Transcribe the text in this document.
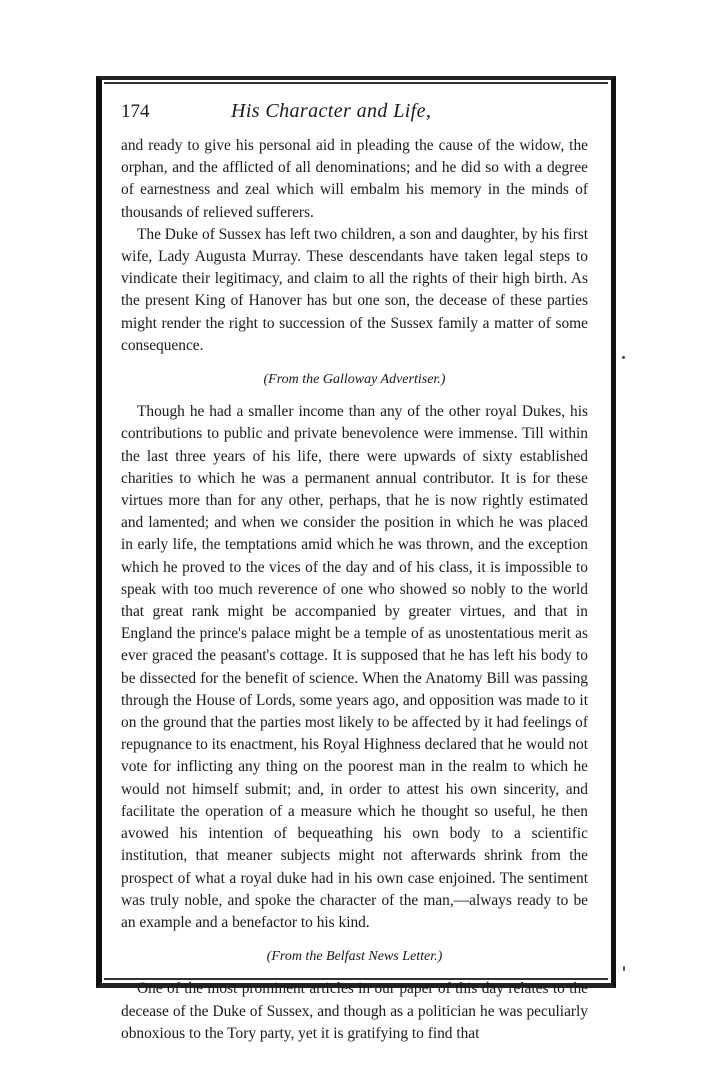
174	His Character and Life,

and ready to give his personal aid in pleading the cause of the widow, the orphan, and the afflicted of all denominations; and he did so with a degree of earnestness and zeal which will embalm his memory in the minds of thousands of relieved sufferers.

The Duke of Sussex has left two children, a son and daughter, by his first wife, Lady Augusta Murray. These descendants have taken legal steps to vindicate their legitimacy, and claim to all the rights of their high birth. As the present King of Hanover has but one son, the decease of these parties might render the right to succession of the Sussex family a matter of some consequence.

(From the Galloway Advertiser.)

Though he had a smaller income than any of the other royal Dukes, his contributions to public and private benevolence were immense. Till within the last three years of his life, there were upwards of sixty established charities to which he was a permanent annual contributor. It is for these virtues more than for any other, perhaps, that he is now rightly estimated and lamented; and when we consider the position in which he was placed in early life, the temptations amid which he was thrown, and the exception which he proved to the vices of the day and of his class, it is impossible to speak with too much reverence of one who showed so nobly to the world that great rank might be accompanied by greater virtues, and that in England the prince's palace might be a temple of as unostentatious merit as ever graced the peasant's cottage. It is supposed that he has left his body to be dissected for the benefit of science. When the Anatomy Bill was passing through the House of Lords, some years ago, and opposition was made to it on the ground that the parties most likely to be affected by it had feelings of repugnance to its enactment, his Royal Highness declared that he would not vote for inflicting any thing on the poorest man in the realm to which he would not himself submit; and, in order to attest his own sincerity, and facilitate the operation of a measure which he thought so useful, he then avowed his intention of bequeathing his own body to a scientific institution, that meaner subjects might not afterwards shrink from the prospect of what a royal duke had in his own case enjoined. The sentiment was truly noble, and spoke the character of the man,—always ready to be an example and a benefactor to his kind.

(From the Belfast News Letter.)

One of the most prominent articles in our paper of this day relates to the decease of the Duke of Sussex, and though as a politician he was peculiarly obnoxious to the Tory party, yet it is gratifying to find that
